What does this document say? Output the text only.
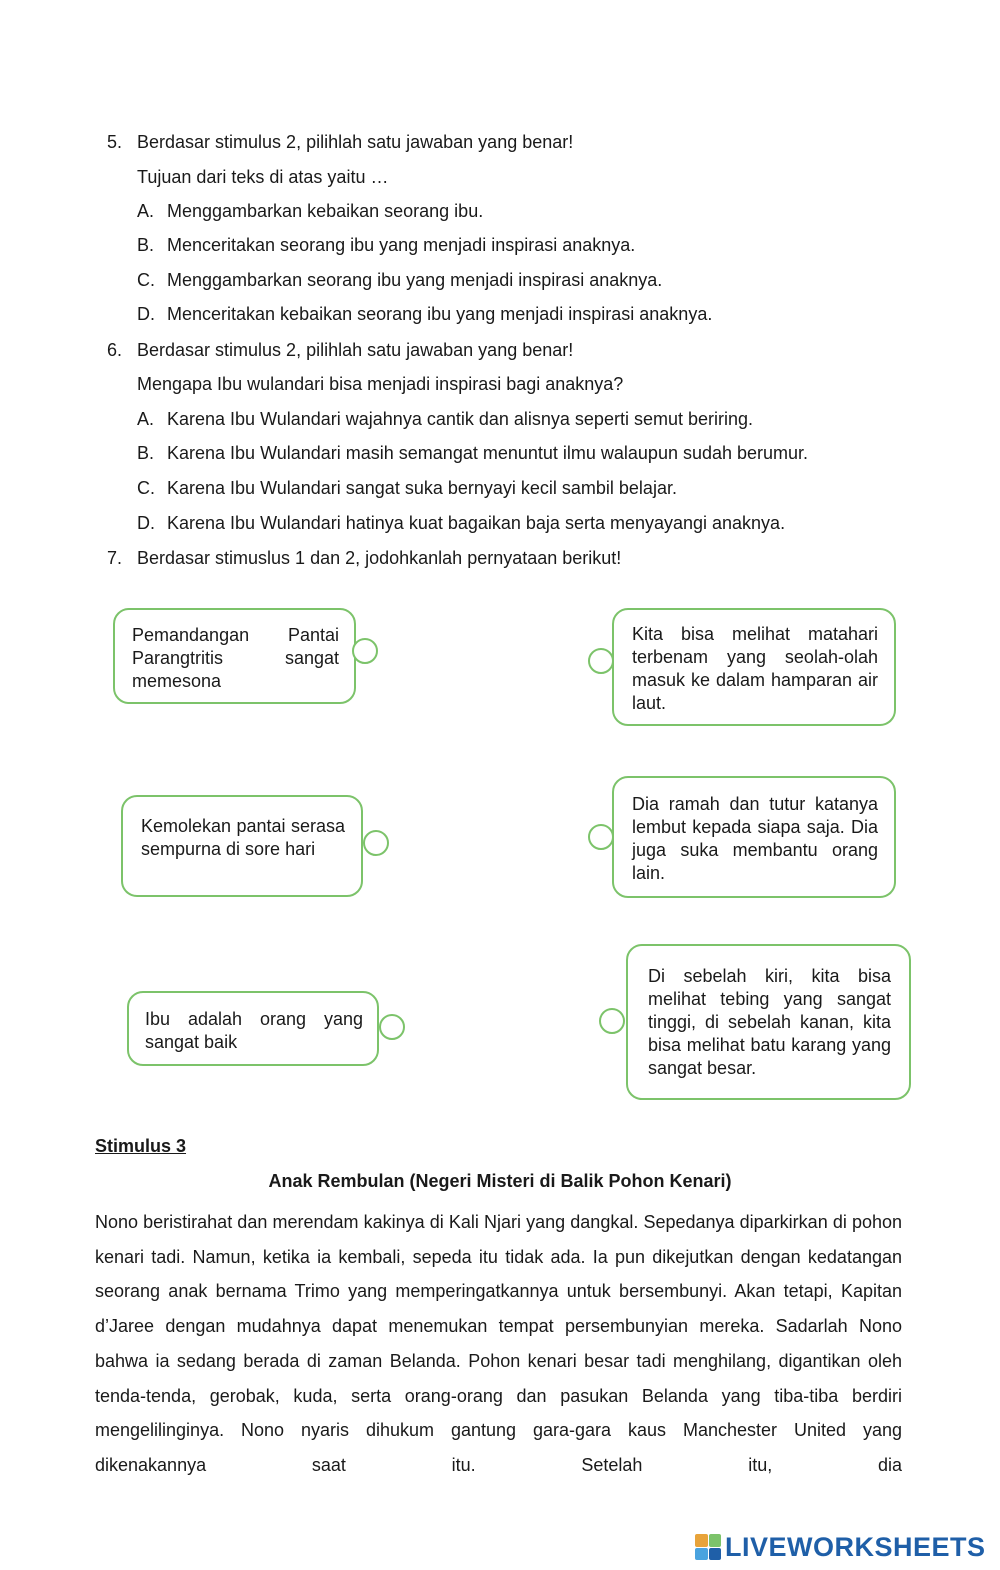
5. Berdasar stimulus 2, pilihlah satu jawaban yang benar!
Tujuan dari teks di atas yaitu …
A. Menggambarkan kebaikan seorang ibu.
B. Menceritakan seorang ibu yang menjadi inspirasi anaknya.
C. Menggambarkan seorang ibu yang menjadi inspirasi anaknya.
D. Menceritakan kebaikan seorang ibu yang menjadi inspirasi anaknya.
6. Berdasar stimulus 2, pilihlah satu jawaban yang benar!
Mengapa Ibu wulandari bisa menjadi inspirasi bagi anaknya?
A. Karena Ibu Wulandari wajahnya cantik dan alisnya seperti semut beriring.
B. Karena Ibu Wulandari masih semangat menuntut ilmu walaupun sudah berumur.
C. Karena Ibu Wulandari sangat suka bernyayi kecil sambil belajar.
D. Karena Ibu Wulandari hatinya kuat bagaikan baja serta menyayangi anaknya.
7. Berdasar stimuslus 1 dan 2, jodohkanlah pernyataan berikut!
Pemandangan Pantai Parangtritis sangat memesona
Kemolekan pantai serasa sempurna di sore hari
Ibu adalah orang yang sangat baik
Kita bisa melihat matahari terbenam yang seolah-olah masuk ke dalam hamparan air laut.
Dia ramah dan tutur katanya lembut kepada siapa saja. Dia juga suka membantu orang lain.
Di sebelah kiri, kita bisa melihat tebing yang sangat tinggi, di sebelah kanan, kita bisa melihat batu karang yang sangat besar.
Stimulus 3
Anak Rembulan (Negeri Misteri di Balik Pohon Kenari)

Nono beristirahat dan merendam kakinya di Kali Njari yang dangkal. Sepedanya diparkirkan di pohon kenari tadi. Namun, ketika ia kembali, sepeda itu tidak ada. Ia pun dikejutkan dengan kedatangan seorang anak bernama Trimo yang memperingatkannya untuk bersembunyi. Akan tetapi, Kapitan d’Jaree dengan mudahnya dapat menemukan tempat persembunyian mereka. Sadarlah Nono bahwa ia sedang berada di zaman Belanda. Pohon kenari besar tadi menghilang, digantikan oleh tenda-tenda, gerobak, kuda, serta orang-orang dan pasukan Belanda yang tiba-tiba berdiri mengelilinginya. Nono nyaris dihukum gantung gara-gara kaus Manchester United yang dikenakannya saat itu. Setelah itu, dia

LIVEWORKSHEETS
